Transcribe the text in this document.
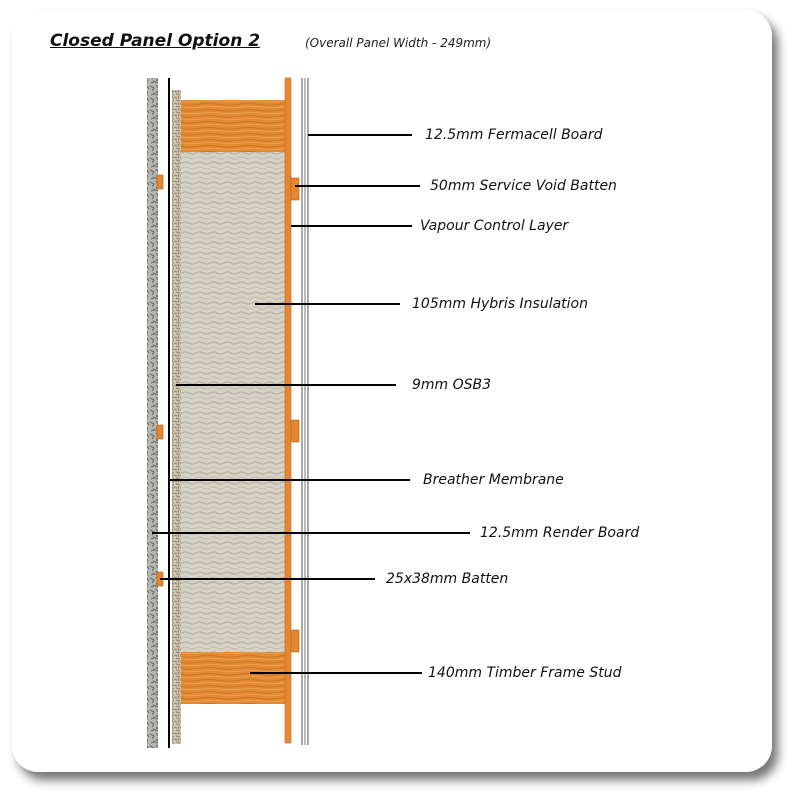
Closed Panel Option 2	(Overall Panel Width - 249mm)
12.5mm Fermacell Board
50mm Service Void Batten
Vapour Control Layer
105mm Hybris Insulation
9mm OSB3
Breather Membrane
12.5mm Render Board
25x38mm Batten
140mm Timber Frame Stud
